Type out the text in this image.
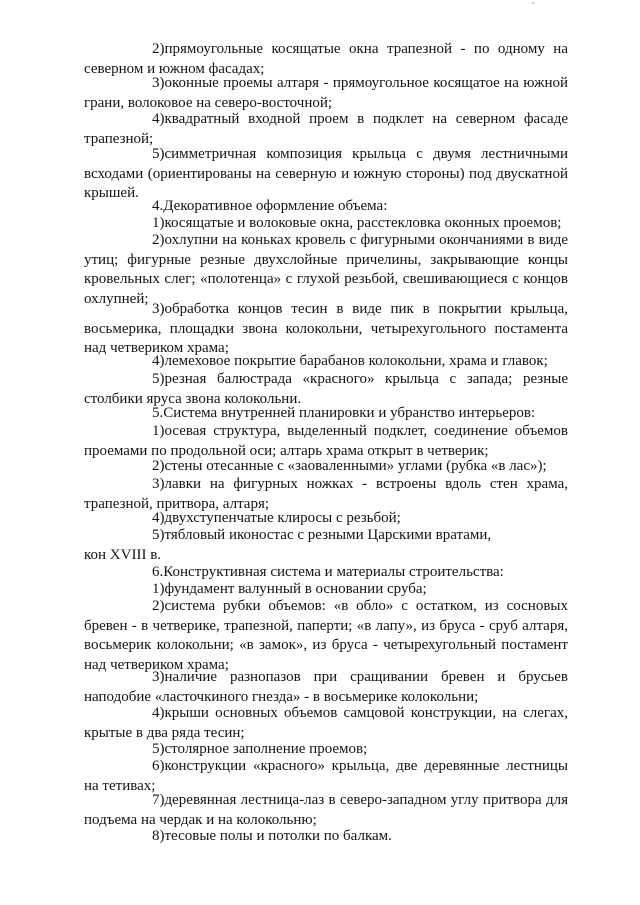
2)прямоугольные косящатые окна трапезной - по одному на северном и южном фасадах;

3)оконные проемы алтаря - прямоугольное косящатое на южной грани, волоковое на северо-восточной;

4)квадратный входной проем в подклет на северном фасаде трапезной;

5)симметричная композиция крыльца с двумя лестничными всходами (ориентированы на северную и южную стороны) под двускатной крышей.

4.Декоративное оформление объема:

1)косящатые и волоковые окна, расстекловка оконных проемов;

2)охлупни на коньках кровель с фигурными окончаниями в виде утиц; фигурные резные двухслойные причелины, закрывающие концы кровельных слег; «полотенца» с глухой резьбой, свешивающиеся с концов охлупней;

3)обработка концов тесин в виде пик в покрытии крыльца, восьмерика, площадки звона колокольни, четырехугольного постамента над четвериком храма;

4)лемеховое покрытие барабанов колокольни, храма и главок;

5)резная балюстрада «красного» крыльца с запада; резные столбики яруса звона колокольни.

5.Система внутренней планировки и убранство интерьеров:

1)осевая структура, выделенный подклет, соединение объемов проемами по продольной оси; алтарь храма открыт в четверик;

2)стены отесанные с «заоваленными» углами (рубка «в лас»);

3)лавки на фигурных ножках - встроены вдоль стен храма, трапезной, притвора, алтаря;

4)двухступенчатые клиросы с резьбой;

5)тябловый иконостас с резными Царскими вратами,
кон XVIII в.

6.Конструктивная система и материалы строительства:

1)фундамент валунный в основании сруба;

2)система рубки объемов: «в обло» с остатком, из сосновых бревен - в четверике, трапезной, паперти; «в лапу», из бруса - сруб алтаря, восьмерик колокольни; «в замок», из бруса - четырехугольный постамент над четвериком храма;

3)наличие разнопазов при сращивании бревен и брусьев наподобие «ласточкиного гнезда» - в восьмерике колокольни;

4)крыши основных объемов самцовой конструкции, на слегах, крытые в два ряда тесин;

5)столярное заполнение проемов;

6)конструкции «красного» крыльца, две деревянные лестницы на тетивах;

7)деревянная лестница-лаз в северо-западном углу притвора для подъема на чердак и на колокольню;

8)тесовые полы и потолки по балкам.
